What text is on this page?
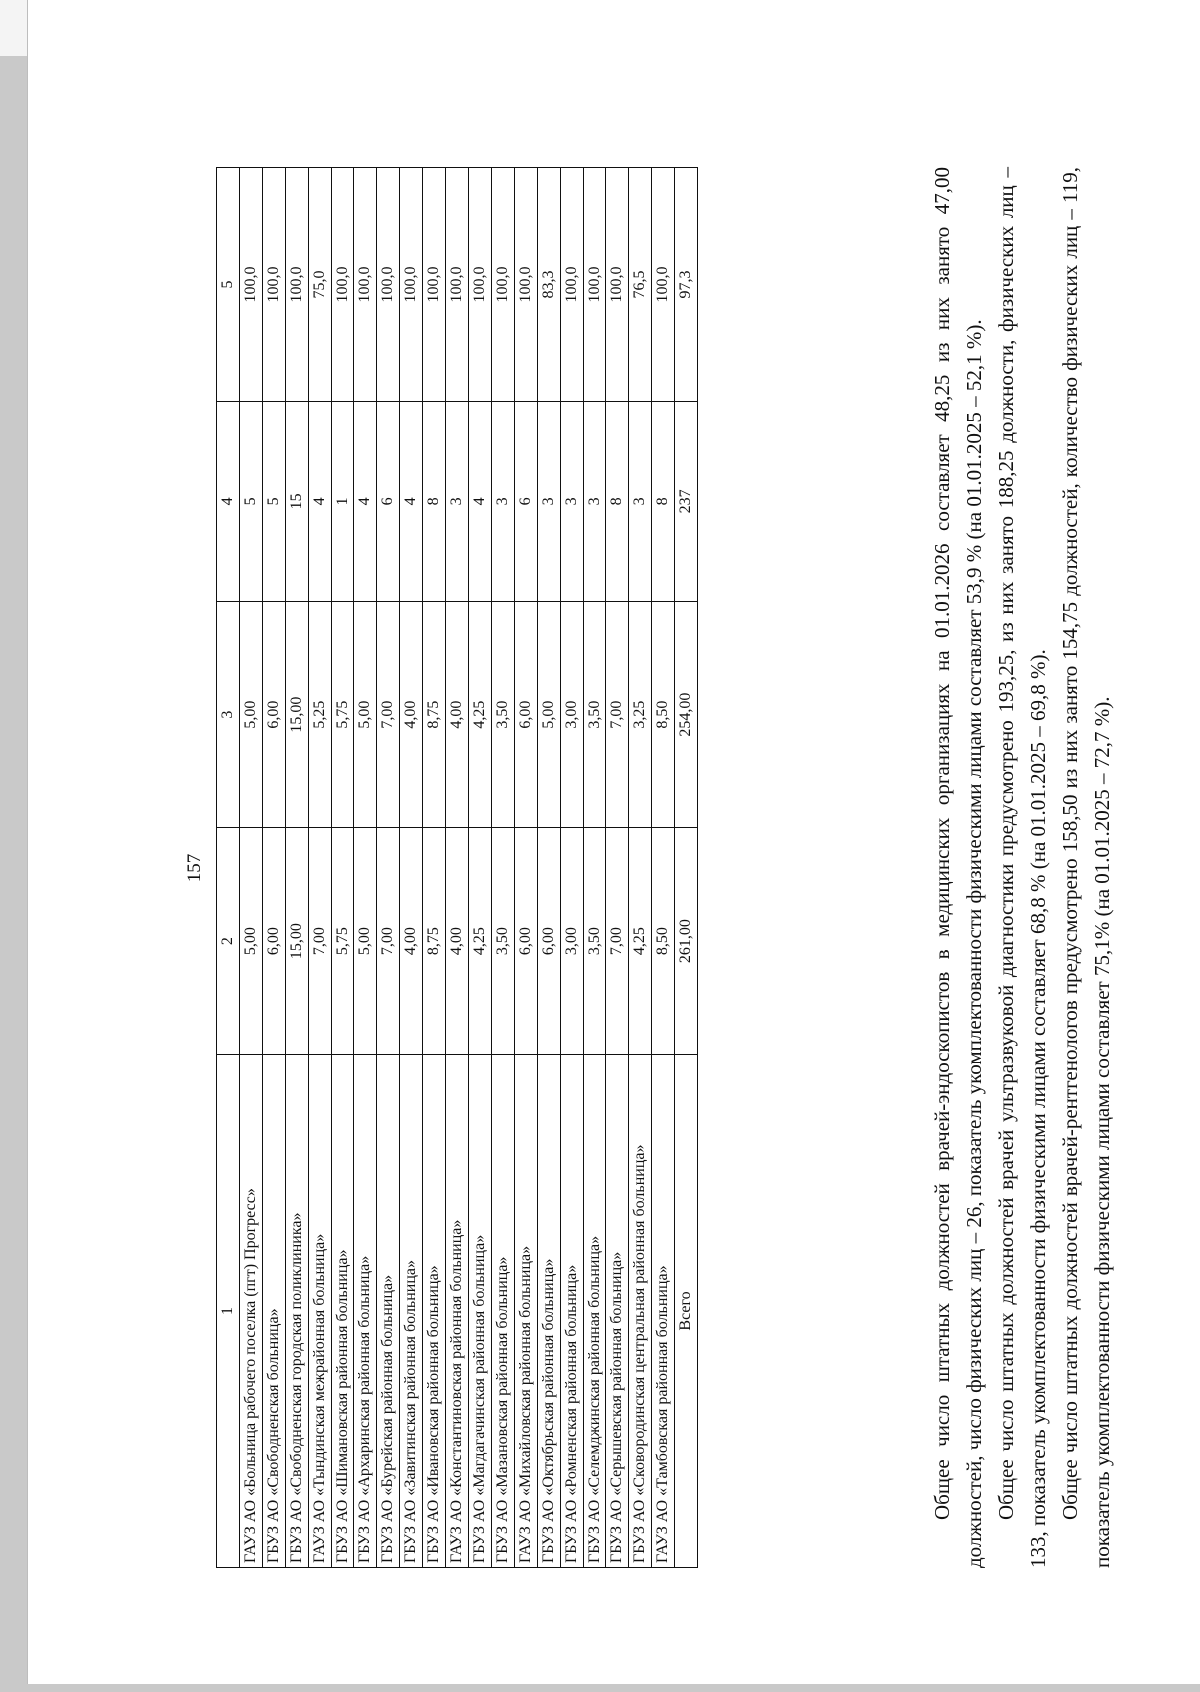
157
1	2	3	4	5
ГАУЗ АО «Больница рабочего поселка (пгт) Прогресс»	5,00	5,00	5	100,0
ГБУЗ АО «Свободненская больница»	6,00	6,00	5	100,0
ГБУЗ АО «Свободненская городская поликлиника»	15,00	15,00	15	100,0
ГАУЗ АО «Тындинская межрайонная больница»	7,00	5,25	4	75,0
ГБУЗ АО «Шимановская районная больница»	5,75	5,75	1	100,0
ГБУЗ АО «Архаринская районная больница»	5,00	5,00	4	100,0
ГБУЗ АО «Бурейская районная больница»	7,00	7,00	6	100,0
ГБУЗ АО «Завитинская районная больница»	4,00	4,00	4	100,0
ГБУЗ АО «Ивановская районная больница»	8,75	8,75	8	100,0
ГАУЗ АО «Константиновская районная больница»	4,00	4,00	3	100,0
ГБУЗ АО «Магдагачинская районная больница»	4,25	4,25	4	100,0
ГБУЗ АО «Мазановская районная больница»	3,50	3,50	3	100,0
ГАУЗ АО «Михайловская районная больница»	6,00	6,00	6	100,0
ГБУЗ АО «Октябрьская районная больница»	6,00	5,00	3	83,3
ГБУЗ АО «Ромненская районная больница»	3,00	3,00	3	100,0
ГБУЗ АО «Селемджинская районная больница»	3,50	3,50	3	100,0
ГБУЗ АО «Серышевская районная больница»	7,00	7,00	8	100,0
ГБУЗ АО «Сковородинская центральная районная больница»	4,25	3,25	3	76,5
ГАУЗ АО «Тамбовская районная больница»	8,50	8,50	8	100,0
Всего	261,00	254,00	237	97,3	Общее число штатных должностей врачей-эндоскопистов в медицинских организациях на 01.01.2026 составляет 48,25 из них занято 47,00 должностей, число физических лиц – 26, показатель укомплектованности физическими лицами составляет 53,9 % (на 01.01.2025 – 52,1 %). Общее число штатных должностей врачей ультразвуковой диагностики предусмотрено 193,25, из них занято 188,25 должности, физических лиц – 133, показатель укомплектованности физическими лицами составляет 68,8 % (на 01.01.2025 – 69,8 %). Общее число штатных должностей врачей-рентгенологов предусмотрено 158,50 из них занято 154,75 должностей, количество физических лиц – 119, показатель укомплектованности физическими лицами составляет 75,1% (на 01.01.2025 – 72,7 %).
